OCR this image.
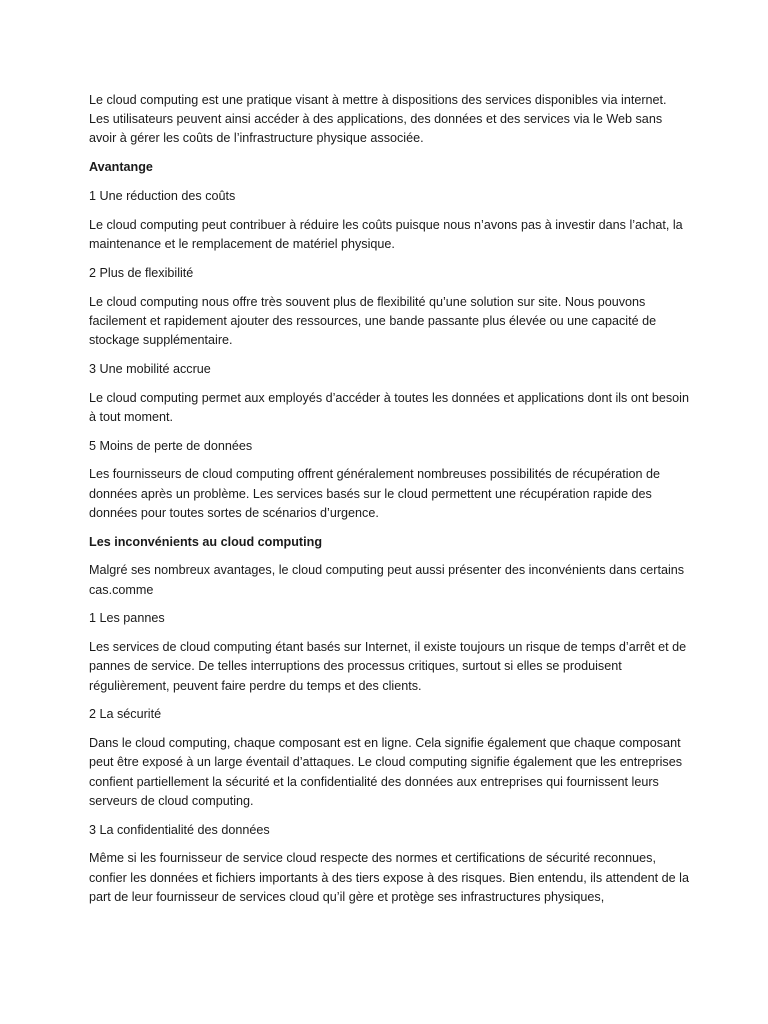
Le cloud computing est une pratique visant à mettre à dispositions des services disponibles via internet. Les utilisateurs peuvent ainsi accéder à des applications, des données et des services via le Web sans avoir à gérer les coûts de l’infrastructure physique associée.

Avantange

1 Une réduction des coûts

Le cloud computing peut contribuer à réduire les coûts puisque nous n’avons pas à investir dans l’achat, la maintenance et le remplacement de matériel physique.

2 Plus de flexibilité

Le cloud computing nous offre très souvent plus de flexibilité qu’une solution sur site. Nous pouvons facilement et rapidement ajouter des ressources, une bande passante plus élevée ou une capacité de stockage supplémentaire.

3 Une mobilité accrue

Le cloud computing permet aux employés d’accéder à toutes les données et applications dont ils ont besoin à tout moment.

5 Moins de perte de données

Les fournisseurs de cloud computing offrent généralement nombreuses possibilités de récupération de données après un problème. Les services basés sur le cloud permettent une récupération rapide des données pour toutes sortes de scénarios d’urgence.

Les inconvénients au cloud computing

Malgré ses nombreux avantages, le cloud computing peut aussi présenter des inconvénients dans certains cas.comme

1 Les pannes

Les services de cloud computing étant basés sur Internet, il existe toujours un risque de temps d’arrêt et de pannes de service. De telles interruptions des processus critiques, surtout si elles se produisent régulièrement, peuvent faire perdre du temps et des clients.

2 La sécurité

Dans le cloud computing, chaque composant est en ligne. Cela signifie également que chaque composant peut être exposé à un large éventail d’attaques. Le cloud computing signifie également que les entreprises confient partiellement la sécurité et la confidentialité des données aux entreprises qui fournissent leurs serveurs de cloud computing.

3 La confidentialité des données

Même si les fournisseur de service cloud respecte des normes et certifications de sécurité reconnues, confier les données et fichiers importants à des tiers expose à des risques. Bien entendu, ils attendent de la part de leur fournisseur de services cloud qu’il gère et protège ses infrastructures physiques,
